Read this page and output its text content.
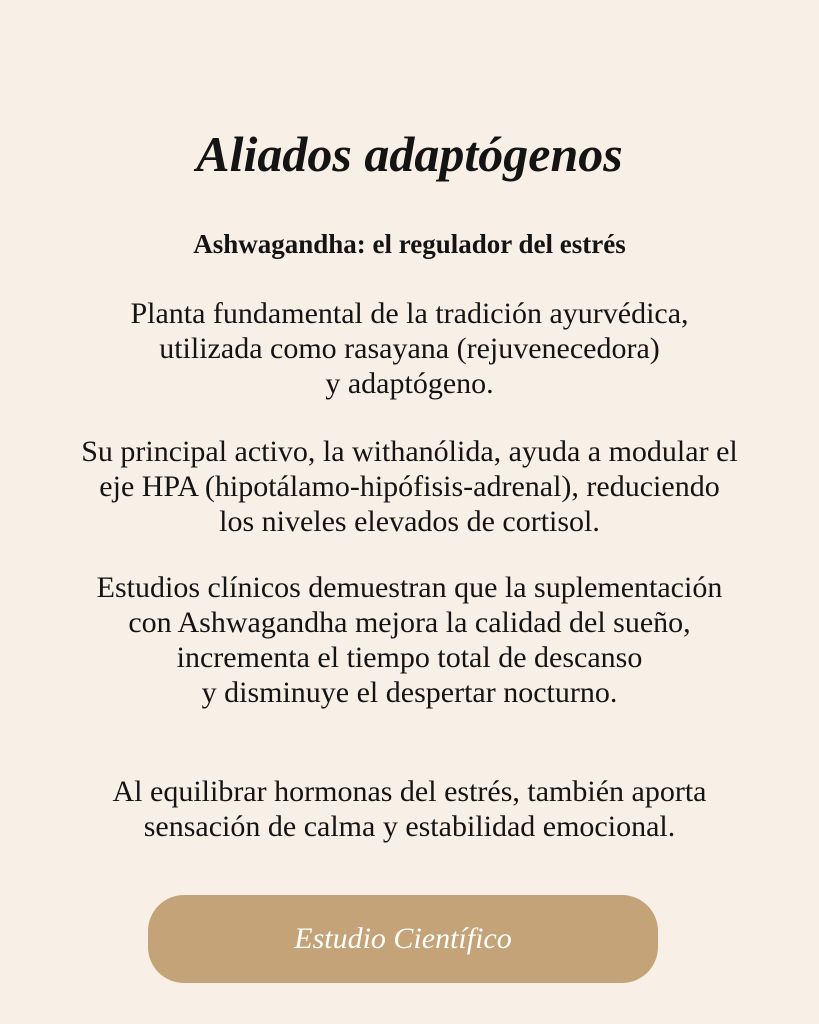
Aliados adaptógenos
Ashwagandha: el regulador del estrés

Planta fundamental de la tradición ayurvédica,
utilizada como rasayana (rejuvenecedora)
y adaptógeno.

Su principal activo, la withanólida, ayuda a modular el
eje HPA (hipotálamo-hipófisis-adrenal), reduciendo
los niveles elevados de cortisol.

Estudios clínicos demuestran que la suplementación
con Ashwagandha mejora la calidad del sueño,
incrementa el tiempo total de descanso
y disminuye el despertar nocturno.

Al equilibrar hormonas del estrés, también aporta
sensación de calma y estabilidad emocional.

Estudio Científico
